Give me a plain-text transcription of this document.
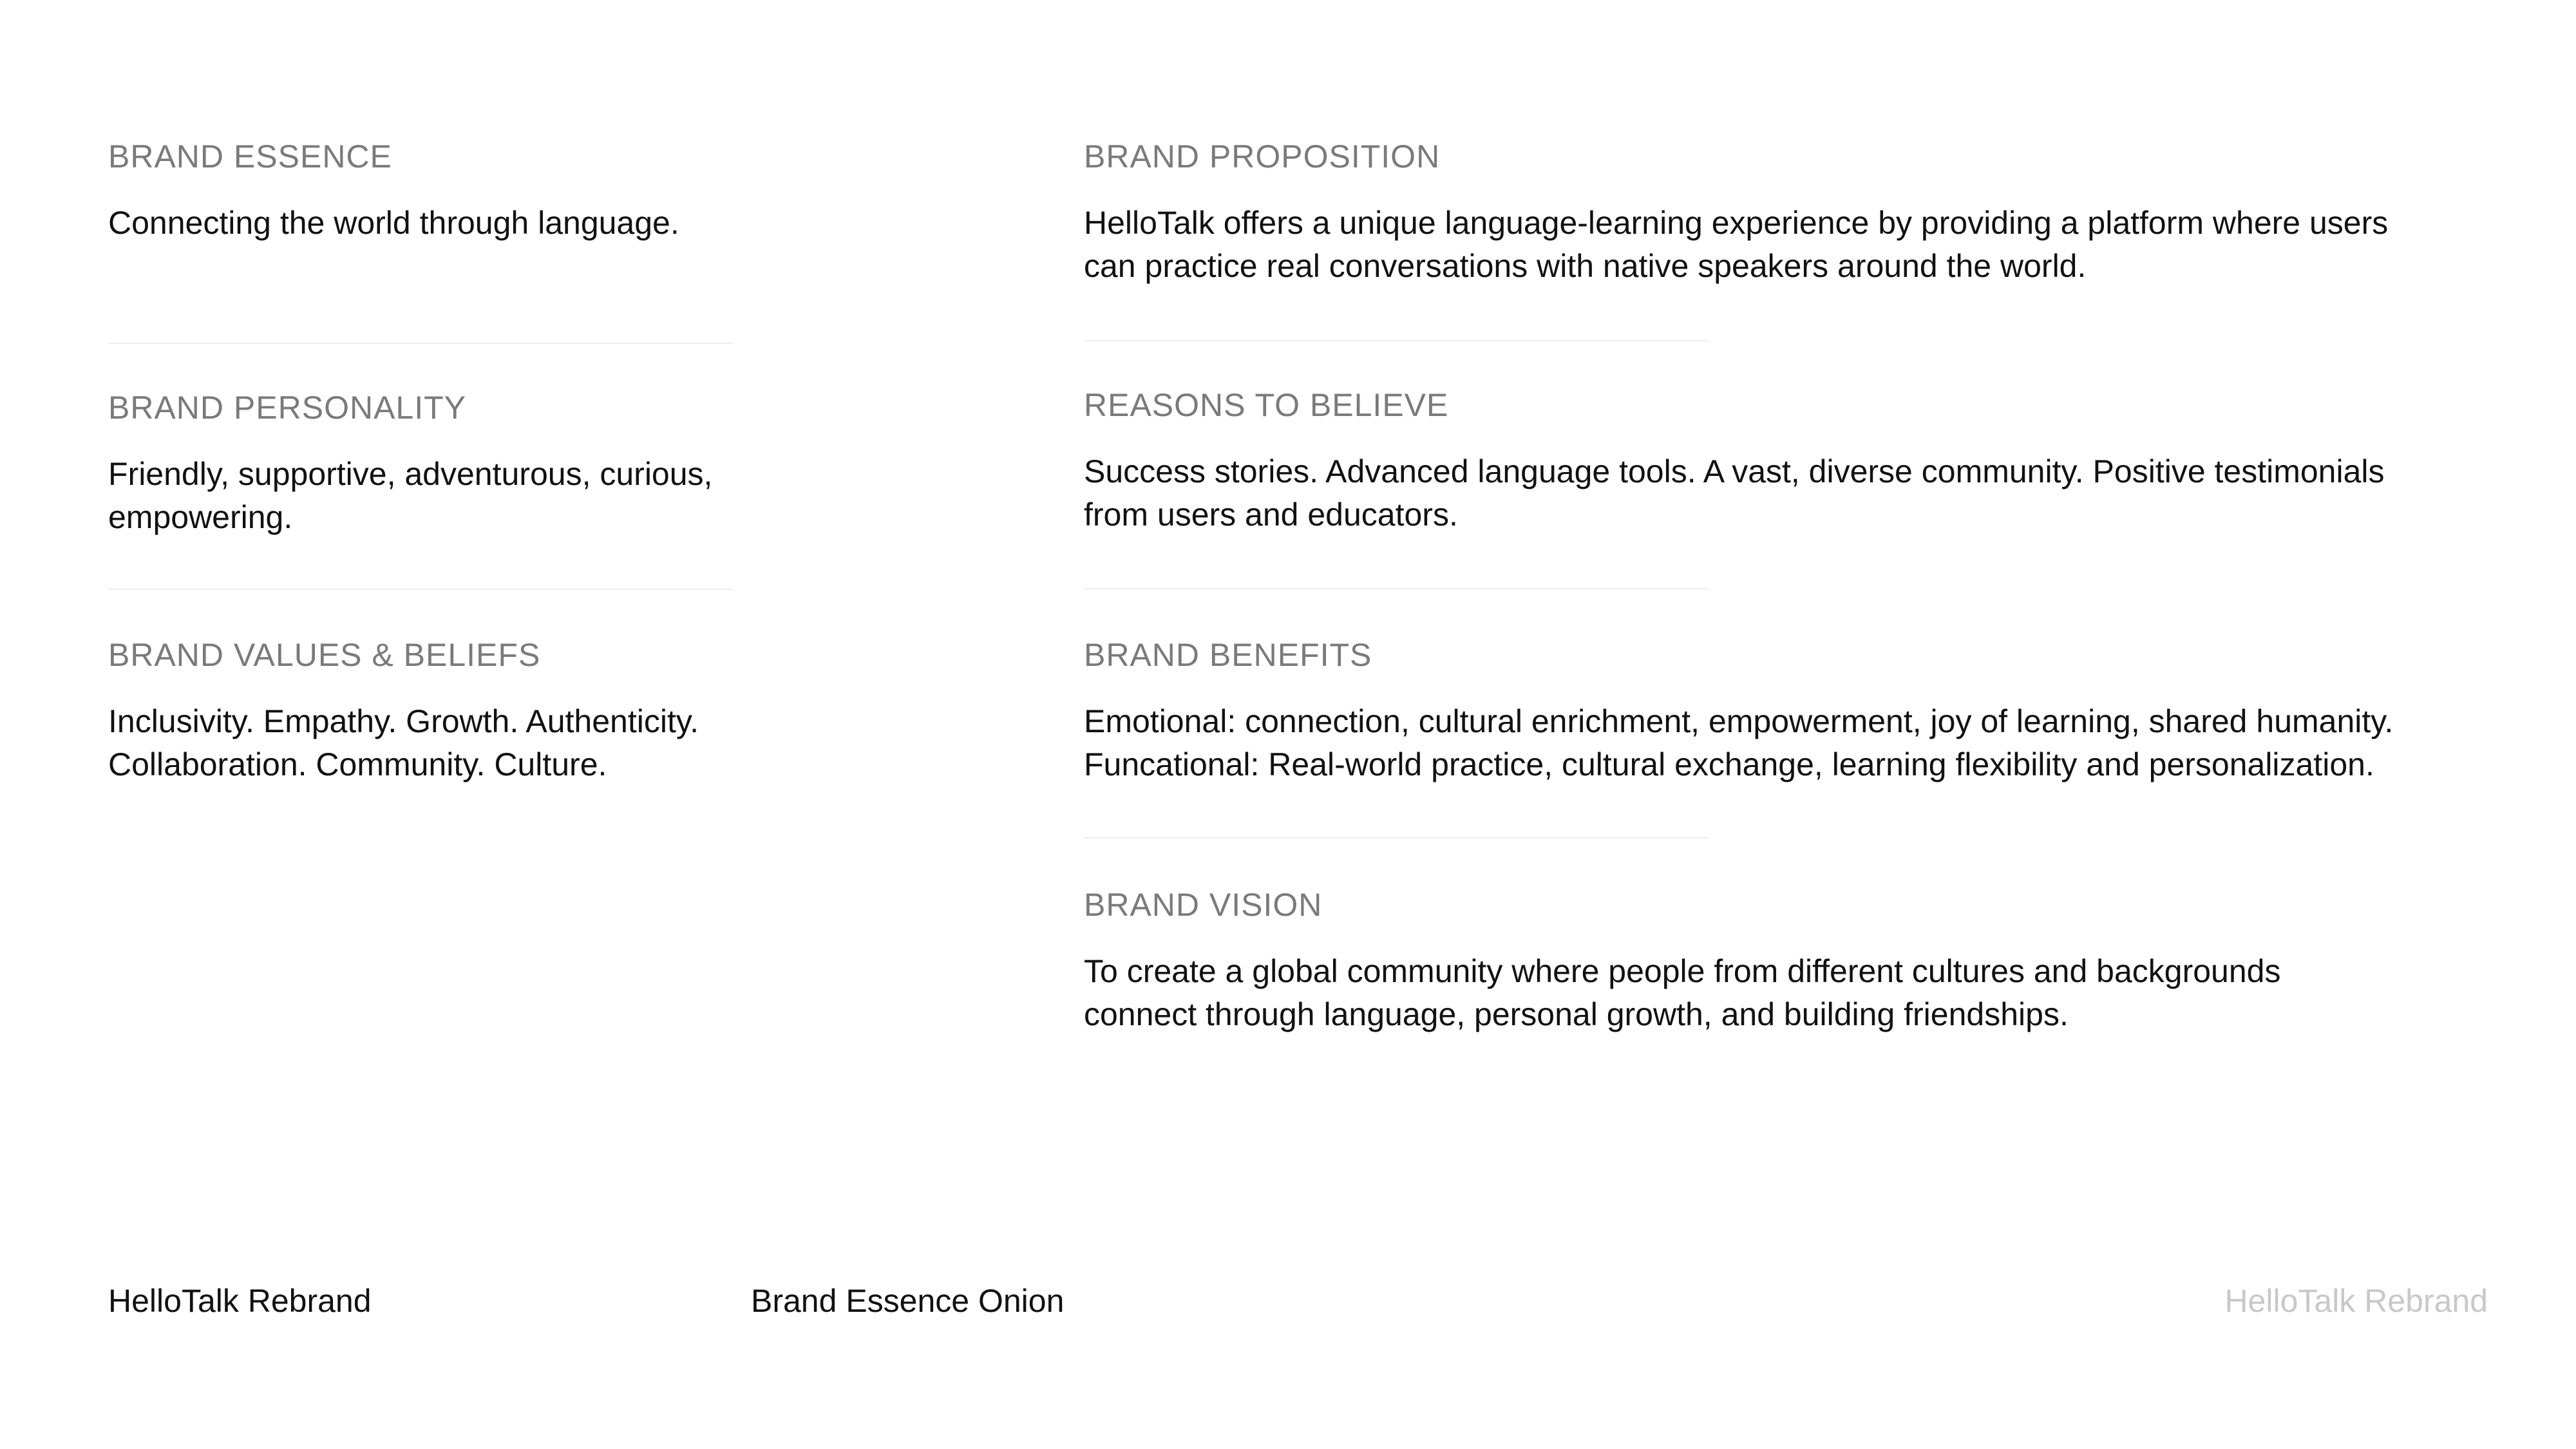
BRAND ESSENCE

Connecting the world through language.

BRAND PERSONALITY

Friendly, supportive, adventurous, curious,
empowering.

BRAND VALUES & BELIEFS

Inclusivity. Empathy. Growth. Authenticity.
Collaboration. Community. Culture.

BRAND PROPOSITION

HelloTalk offers a unique language-learning experience by providing a platform where users
can practice real conversations with native speakers around the world.

REASONS TO BELIEVE

Success stories. Advanced language tools. A vast, diverse community. Positive testimonials
from users and educators.

BRAND BENEFITS

Emotional: connection, cultural enrichment, empowerment, joy of learning, shared humanity.
Funcational: Real-world practice, cultural exchange, learning flexibility and personalization.

BRAND VISION

To create a global community where people from different cultures and backgrounds
connect through language, personal growth, and building friendships.

HelloTalk Rebrand	Brand Essence Onion	HelloTalk Rebrand
